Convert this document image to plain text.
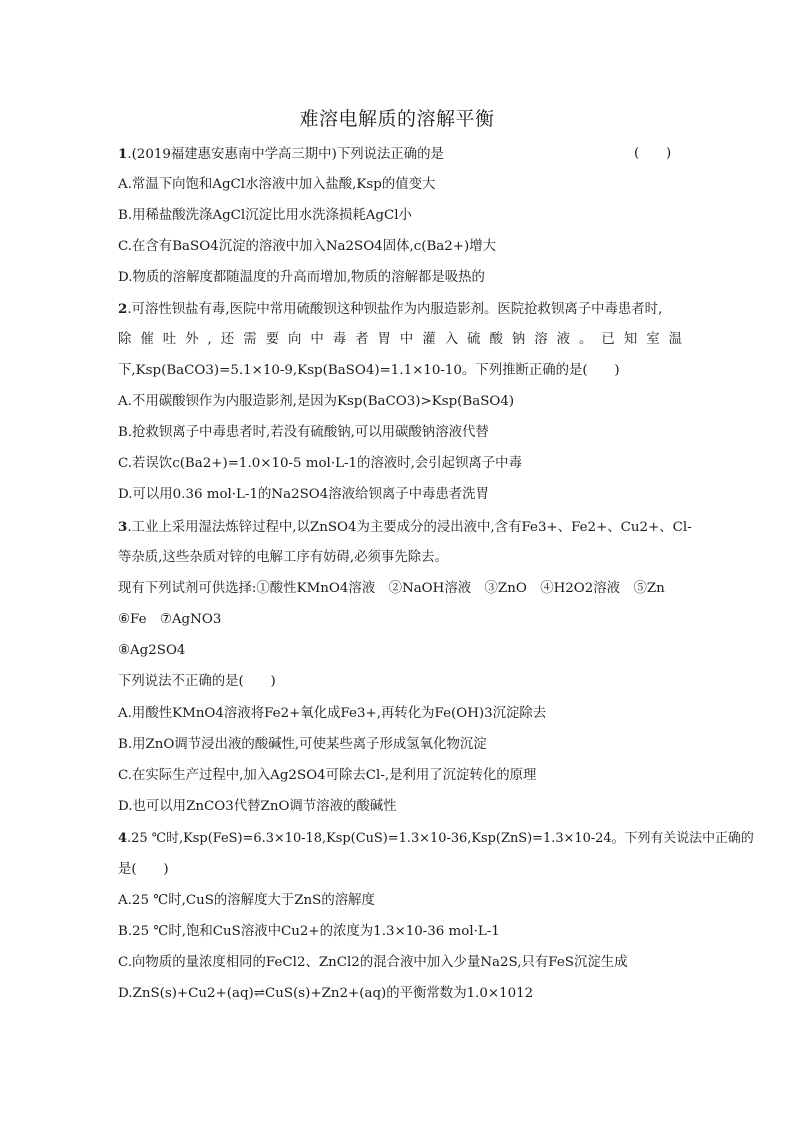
难溶电解质的溶解平衡
1.(2019福建惠安惠南中学高三期中)下列说法正确的是	(　　)
A.常温下向饱和AgCl水溶液中加入盐酸,Ksp的值变大
B.用稀盐酸洗涤AgCl沉淀比用水洗涤损耗AgCl小
C.在含有BaSO4沉淀的溶液中加入Na2SO4固体,c(Ba2+)增大
D.物质的溶解度都随温度的升高而增加,物质的溶解都是吸热的
2.可溶性钡盐有毒,医院中常用硫酸钡这种钡盐作为内服造影剂。医院抢救钡离子中毒患者时,
除催吐外,还需要向中毒者胃中灌入硫酸钠溶液。已知室温
下,Ksp(BaCO3)=5.1×10-9,Ksp(BaSO4)=1.1×10-10。下列推断正确的是(　　)
A.不用碳酸钡作为内服造影剂,是因为Ksp(BaCO3)>Ksp(BaSO4)
B.抢救钡离子中毒患者时,若没有硫酸钠,可以用碳酸钠溶液代替
C.若误饮c(Ba2+)=1.0×10-5 mol·L-1的溶液时,会引起钡离子中毒
D.可以用0.36 mol·L-1的Na2SO4溶液给钡离子中毒患者洗胃
3.工业上采用湿法炼锌过程中,以ZnSO4为主要成分的浸出液中,含有Fe3+、Fe2+、Cu2+、Cl-
等杂质,这些杂质对锌的电解工序有妨碍,必须事先除去。
现有下列试剂可供选择:①酸性KMnO4溶液　②NaOH溶液　③ZnO　④H2O2溶液　⑤Zn
⑥Fe　⑦AgNO3
⑧Ag2SO4
下列说法不正确的是(　　)
A.用酸性KMnO4溶液将Fe2+氧化成Fe3+,再转化为Fe(OH)3沉淀除去
B.用ZnO调节浸出液的酸碱性,可使某些离子形成氢氧化物沉淀
C.在实际生产过程中,加入Ag2SO4可除去Cl-,是利用了沉淀转化的原理
D.也可以用ZnCO3代替ZnO调节溶液的酸碱性
4.25 ℃时,Ksp(FeS)=6.3×10-18,Ksp(CuS)=1.3×10-36,Ksp(ZnS)=1.3×10-24。下列有关说法中正确的
是(　　)
A.25 ℃时,CuS的溶解度大于ZnS的溶解度
B.25 ℃时,饱和CuS溶液中Cu2+的浓度为1.3×10-36 mol·L-1
C.向物质的量浓度相同的FeCl2、ZnCl2的混合液中加入少量Na2S,只有FeS沉淀生成
D.ZnS(s)+Cu2+(aq)⇌CuS(s)+Zn2+(aq)的平衡常数为1.0×1012
